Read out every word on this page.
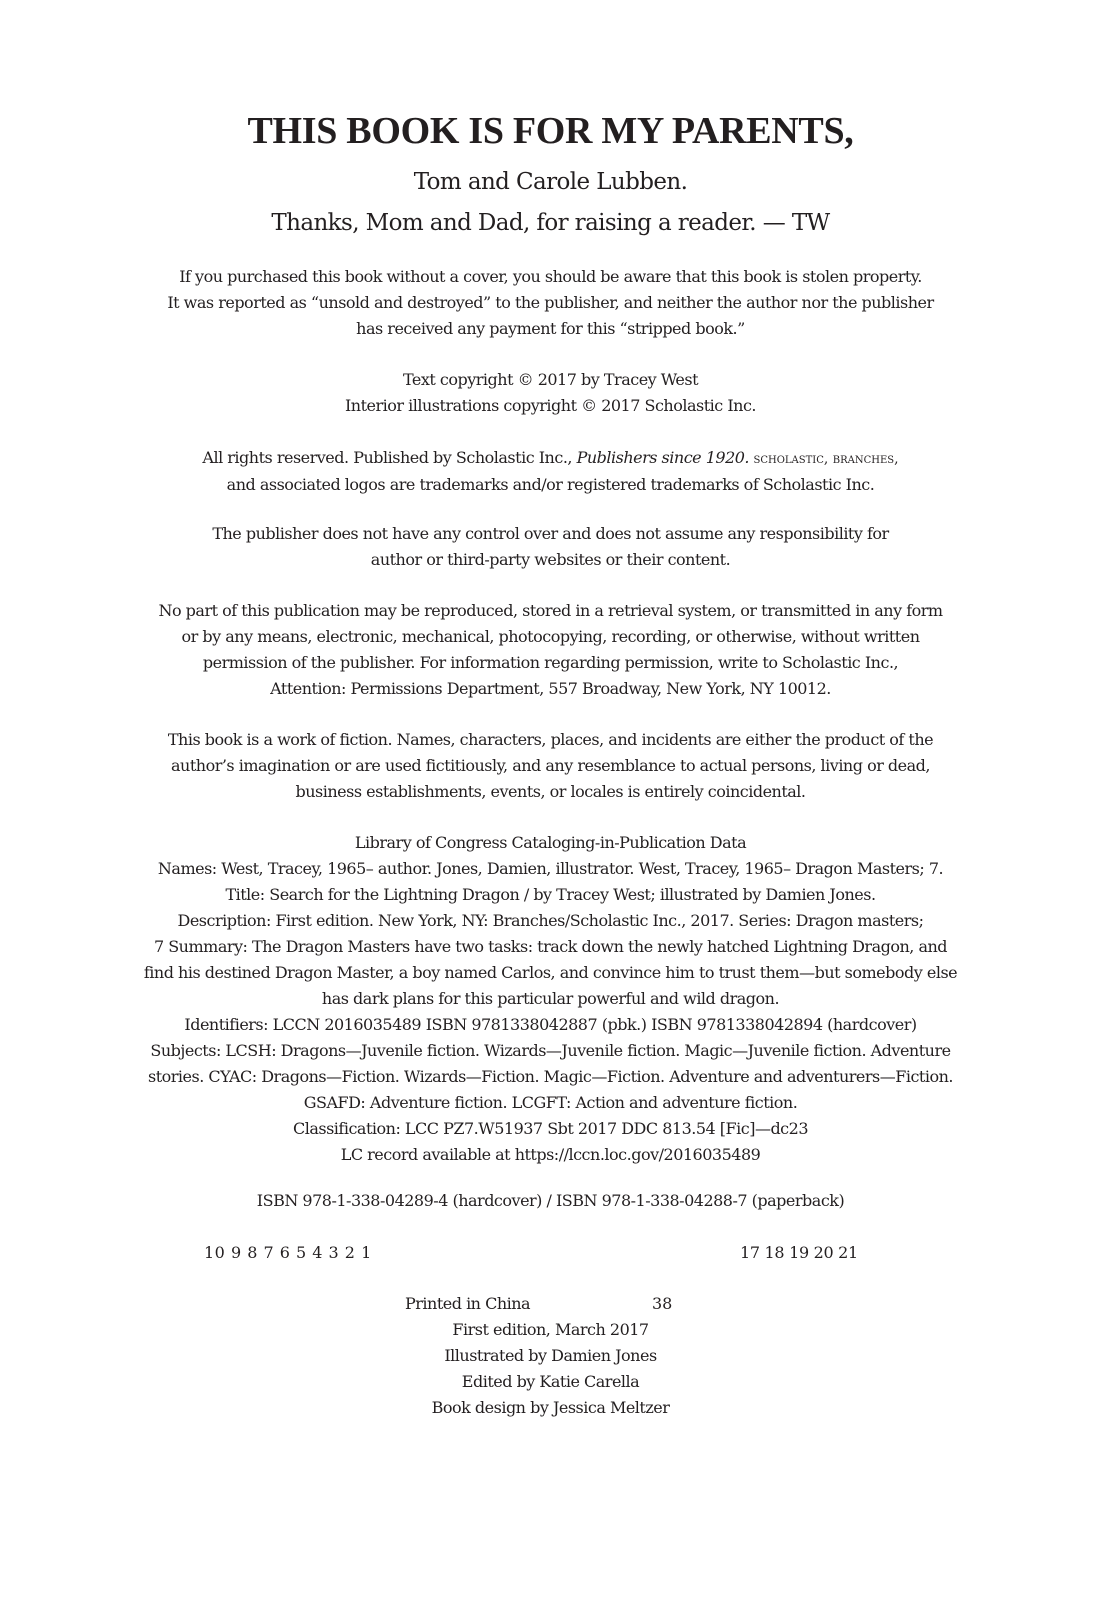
THIS BOOK IS FOR MY PARENTS,
Tom and Carole Lubben.
Thanks, Mom and Dad, for raising a reader. — TW
If you purchased this book without a cover, you should be aware that this book is stolen property.
It was reported as “unsold and destroyed” to the publisher, and neither the author nor the publisher
has received any payment for this “stripped book.”
Text copyright © 2017 by Tracey West
Interior illustrations copyright © 2017 Scholastic Inc.
All rights reserved. Published by Scholastic Inc., Publishers since 1920. scholastic, branches,
and associated logos are trademarks and/or registered trademarks of Scholastic Inc.
The publisher does not have any control over and does not assume any responsibility for
author or third-party websites or their content.
No part of this publication may be reproduced, stored in a retrieval system, or transmitted in any form
or by any means, electronic, mechanical, photocopying, recording, or otherwise, without written
permission of the publisher. For information regarding permission, write to Scholastic Inc.,
Attention: Permissions Department, 557 Broadway, New York, NY 10012.
This book is a work of fiction. Names, characters, places, and incidents are either the product of the
author’s imagination or are used fictitiously, and any resemblance to actual persons, living or dead,
business establishments, events, or locales is entirely coincidental.
Library of Congress Cataloging-in-Publication Data
Names: West, Tracey, 1965– author. Jones, Damien, illustrator. West, Tracey, 1965– Dragon Masters; 7.
Title: Search for the Lightning Dragon / by Tracey West; illustrated by Damien Jones.
Description: First edition. New York, NY: Branches/Scholastic Inc., 2017. Series: Dragon masters;
7 Summary: The Dragon Masters have two tasks: track down the newly hatched Lightning Dragon, and
find his destined Dragon Master, a boy named Carlos, and convince him to trust them—but somebody else
has dark plans for this particular powerful and wild dragon.
Identifiers: LCCN 2016035489 ISBN 9781338042887 (pbk.) ISBN 9781338042894 (hardcover)
Subjects: LCSH: Dragons—Juvenile fiction. Wizards—Juvenile fiction. Magic—Juvenile fiction. Adventure
stories. CYAC: Dragons—Fiction. Wizards—Fiction. Magic—Fiction. Adventure and adventurers—Fiction.
GSAFD: Adventure fiction. LCGFT: Action and adventure fiction.
Classification: LCC PZ7.W51937 Sbt 2017 DDC 813.54 [Fic]—dc23
LC record available at https://lccn.loc.gov/2016035489
ISBN 978-1-338-04289-4 (hardcover) / ISBN 978-1-338-04288-7 (paperback)
10 9 8 7 6 5 4 3 2 1	17 18 19 20 21
Printed in China	38
First edition, March 2017
Illustrated by Damien Jones
Edited by Katie Carella
Book design by Jessica Meltzer
